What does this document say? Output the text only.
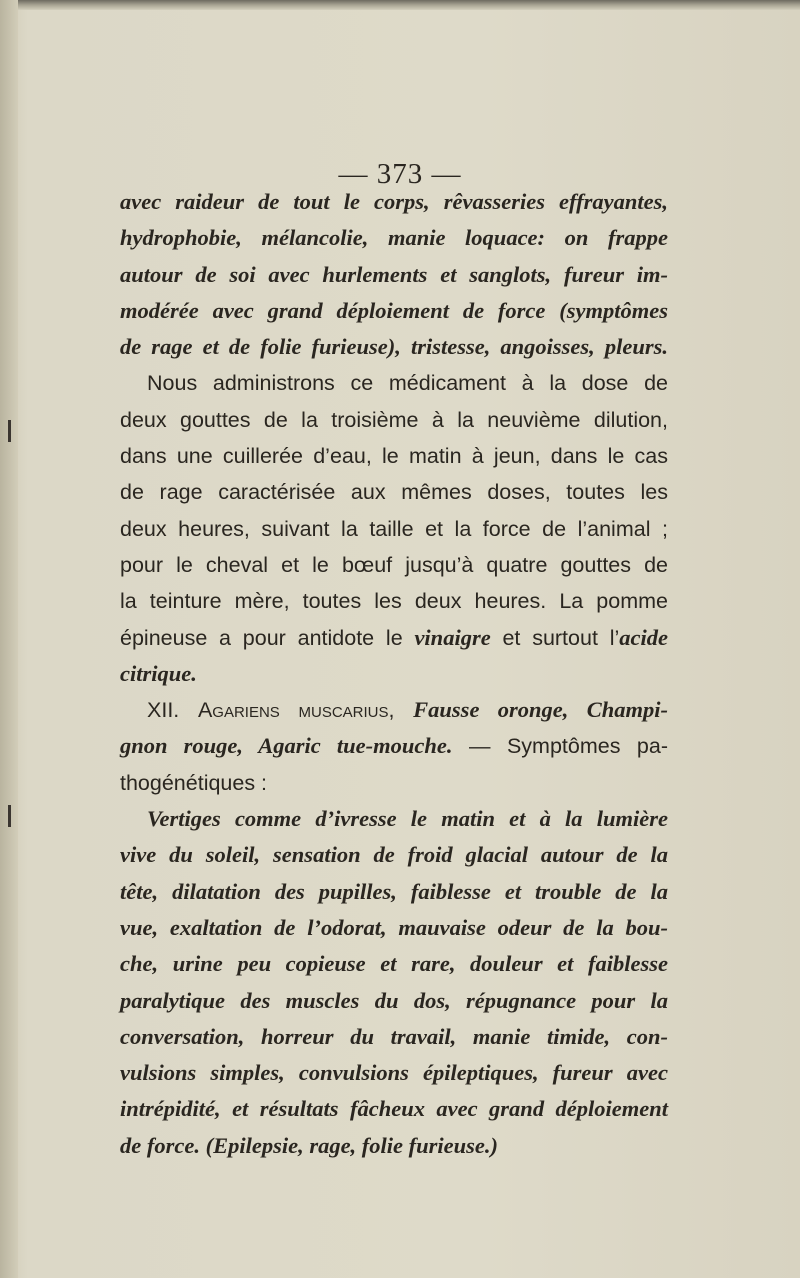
— 373 —
avec raideur de tout le corps, rêvasseries effrayantes,
hydrophobie, mélancolie, manie loquace: on frappe
autour de soi avec hurlements et sanglots, fureur im-
modérée avec grand déploiement de force (symptômes
de rage et de folie furieuse), tristesse, angoisses, pleurs.
Nous administrons ce médicament à la dose de
deux gouttes de la troisième à la neuvième dilution,
dans une cuillerée d’eau, le matin à jeun, dans le cas
de rage caractérisée aux mêmes doses, toutes les
deux heures, suivant la taille et la force de l’animal ;
pour le cheval et le bœuf jusqu’à quatre gouttes de
la teinture mère, toutes les deux heures. La pomme
épineuse a pour antidote le vinaigre et surtout l’acide
citrique.
XII. Agariens muscarius, Fausse oronge, Champi-
gnon rouge, Agaric tue-mouche. — Symptômes pa-
thogénétiques :
Vertiges comme d’ivresse le matin et à la lumière
vive du soleil, sensation de froid glacial autour de la
tête, dilatation des pupilles, faiblesse et trouble de la
vue, exaltation de l’odorat, mauvaise odeur de la bou-
che, urine peu copieuse et rare, douleur et faiblesse
paralytique des muscles du dos, répugnance pour la
conversation, horreur du travail, manie timide, con-
vulsions simples, convulsions épileptiques, fureur avec
intrépidité, et résultats fâcheux avec grand déploiement
de force. (Epilepsie, rage, folie furieuse.)
